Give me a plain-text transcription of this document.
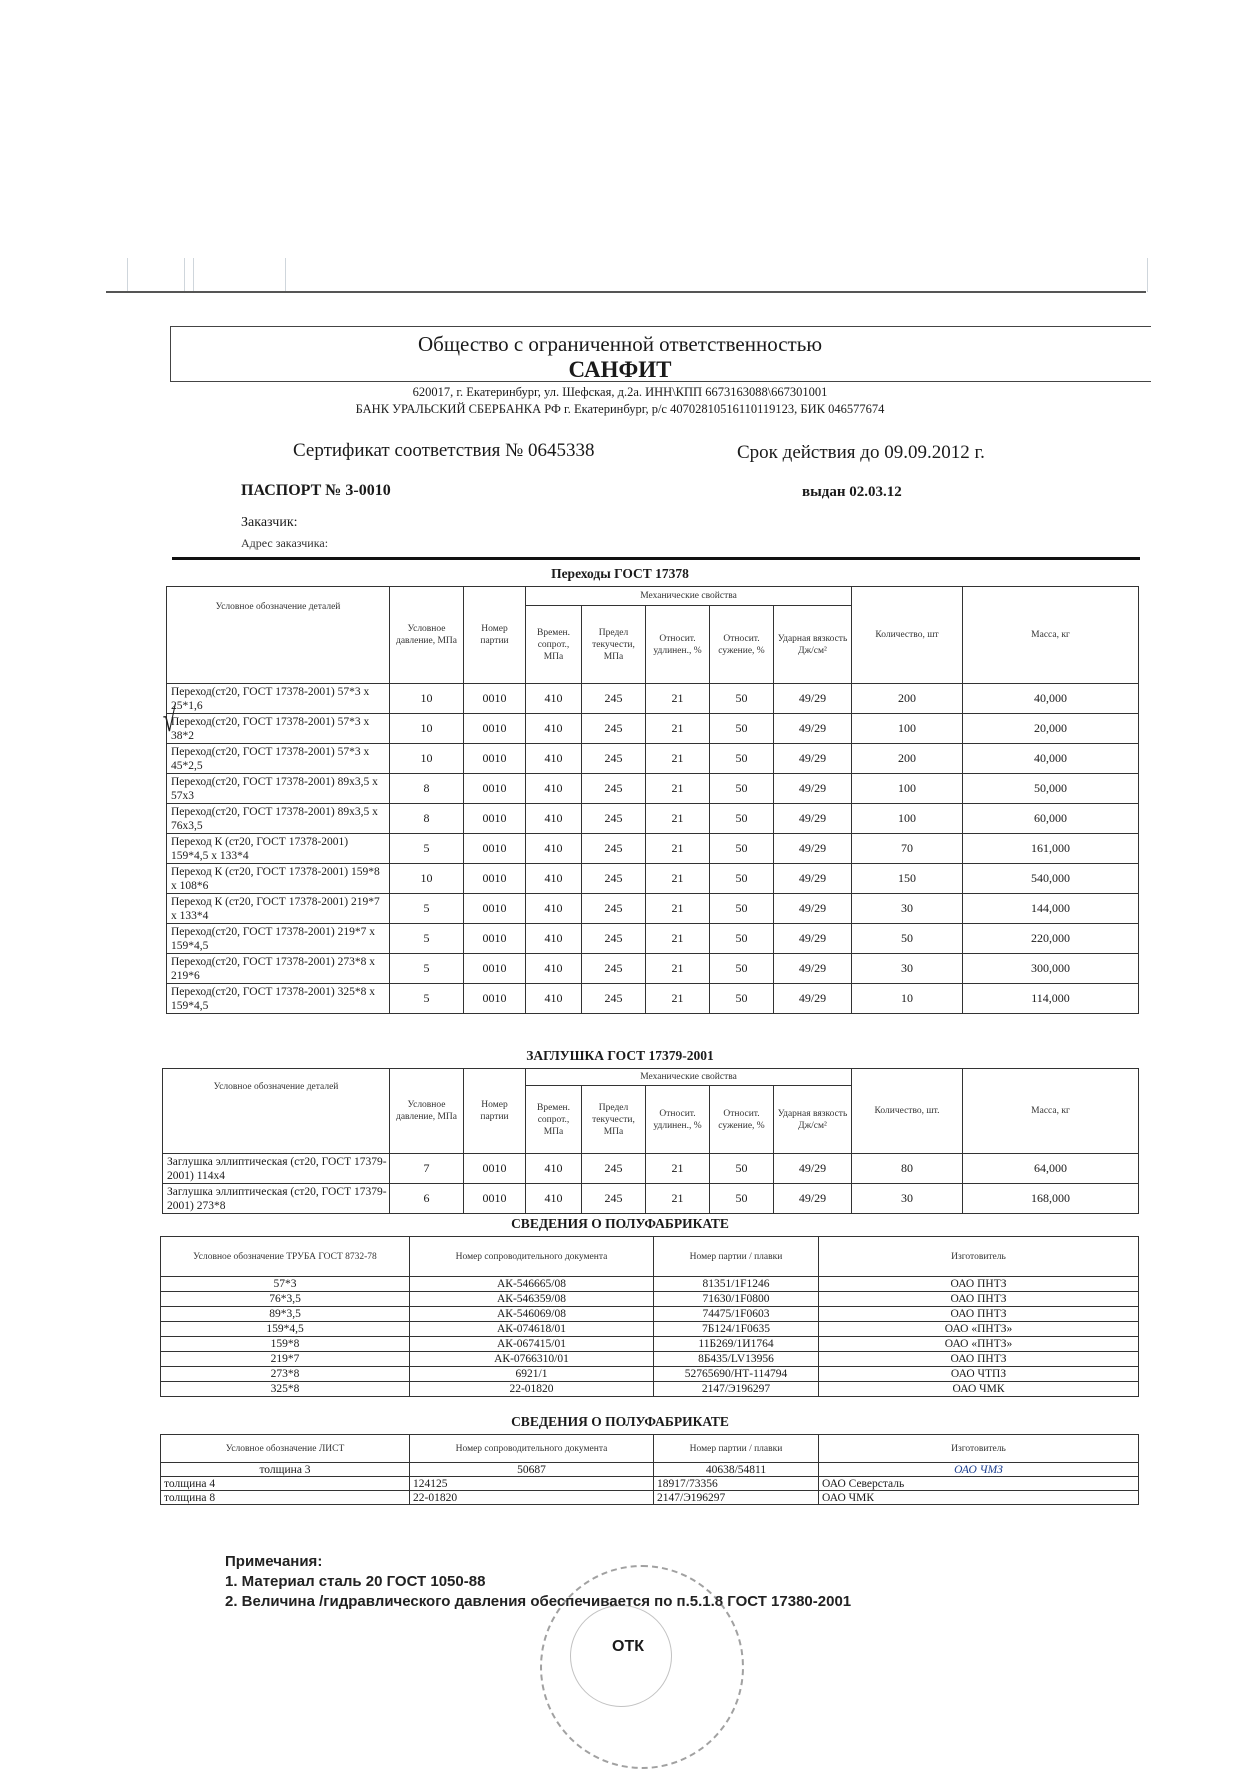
Общество с ограниченной ответственностью
САНФИТ
620017, г. Екатеринбург, ул. Шефская, д.2а. ИНН\КПП 6673163088\667301001
БАНК УРАЛЬСКИЙ СБЕРБАНКА РФ г. Екатеринбург, р/с 40702810516110119123, БИК 046577674
Сертификат соответствия № 0645338	Срок действия до 09.09.2012 г.
ПАСПОРТ № 3-0010	выдан 02.03.12
Заказчик:
Адрес заказчика:
Переходы ГОСТ 17378
Условное обозначение деталей	Условное давление, МПа	Номер партии	Механические свойства					Количество, шт	Масса, кг
			Времен. сопрот., МПа	Предел текучести, МПа	Относит. удлинен., %	Относит. сужение, %	Ударная вязкость Дж/см²		
Переход(ст20, ГОСТ 17378-2001) 57*3 х 25*1,6	10	0010	410	245	21	50	49/29	200	40,000
Переход(ст20, ГОСТ 17378-2001) 57*3 х 38*2	10	0010	410	245	21	50	49/29	100	20,000
Переход(ст20, ГОСТ 17378-2001) 57*3 х 45*2,5	10	0010	410	245	21	50	49/29	200	40,000
Переход(ст20, ГОСТ 17378-2001) 89х3,5 х 57х3	8	0010	410	245	21	50	49/29	100	50,000
Переход(ст20, ГОСТ 17378-2001) 89х3,5 х 76х3,5	8	0010	410	245	21	50	49/29	100	60,000
Переход К (ст20, ГОСТ 17378-2001) 159*4,5 х 133*4	5	0010	410	245	21	50	49/29	70	161,000
Переход К (ст20, ГОСТ 17378-2001) 159*8 х 108*6	10	0010	410	245	21	50	49/29	150	540,000
Переход К (ст20, ГОСТ 17378-2001) 219*7 х 133*4	5	0010	410	245	21	50	49/29	30	144,000
Переход(ст20, ГОСТ 17378-2001) 219*7 х 159*4,5	5	0010	410	245	21	50	49/29	50	220,000
Переход(ст20, ГОСТ 17378-2001) 273*8 х 219*6	5	0010	410	245	21	50	49/29	30	300,000
Переход(ст20, ГОСТ 17378-2001) 325*8 х 159*4,5	5	0010	410	245	21	50	49/29	10	114,000
√
ЗАГЛУШКА ГОСТ 17379-2001
Условное обозначение деталей	Условное давление, МПа	Номер партии	Механические свойства					Количество, шт.	Масса, кг
			Времен. сопрот., МПа	Предел текучести, МПа	Относит. удлинен., %	Относит. сужение, %	Ударная вязкость Дж/см²		
Заглушка эллиптическая (ст20, ГОСТ 17379-2001) 114х4	7	0010	410	245	21	50	49/29	80	64,000
Заглушка эллиптическая (ст20, ГОСТ 17379-2001) 273*8	6	0010	410	245	21	50	49/29	30	168,000
СВЕДЕНИЯ О ПОЛУФАБРИКАТЕ
Условное обозначение ТРУБА ГОСТ 8732-78	Номер сопроводительного документа	Номер партии / плавки	Изготовитель
57*3	АК-546665/08	81351/1F1246	ОАО ПНТЗ
76*3,5	АК-546359/08	71630/1F0800	ОАО ПНТЗ
89*3,5	АК-546069/08	74475/1F0603	ОАО ПНТЗ
159*4,5	АК-074618/01	7Б124/1F0635	ОАО «ПНТЗ»
159*8	АК-067415/01	11Б269/1И1764	ОАО «ПНТЗ»
219*7	АК-0766310/01	8Б435/LV13956	ОАО ПНТЗ
273*8	6921/1	52765690/НТ-114794	ОАО ЧТПЗ
325*8	22-01820	2147/Э196297	ОАО ЧМК
СВЕДЕНИЯ О ПОЛУФАБРИКАТЕ
Условное обозначение ЛИСТ	Номер сопроводительного документа	Номер партии / плавки	Изготовитель
толщина 3	50687	40638/54811	ОАО ЧМЗ
толщина 4	124125	18917/73356	ОАО Северсталь
толщина 8	22-01820	2147/Э196297	ОАО ЧМК
Примечания:
1. Материал сталь 20 ГОСТ 1050-88
2. Величина /гидравлического давления обеспечивается по п.5.1.8 ГОСТ 17380-2001
ОТК
